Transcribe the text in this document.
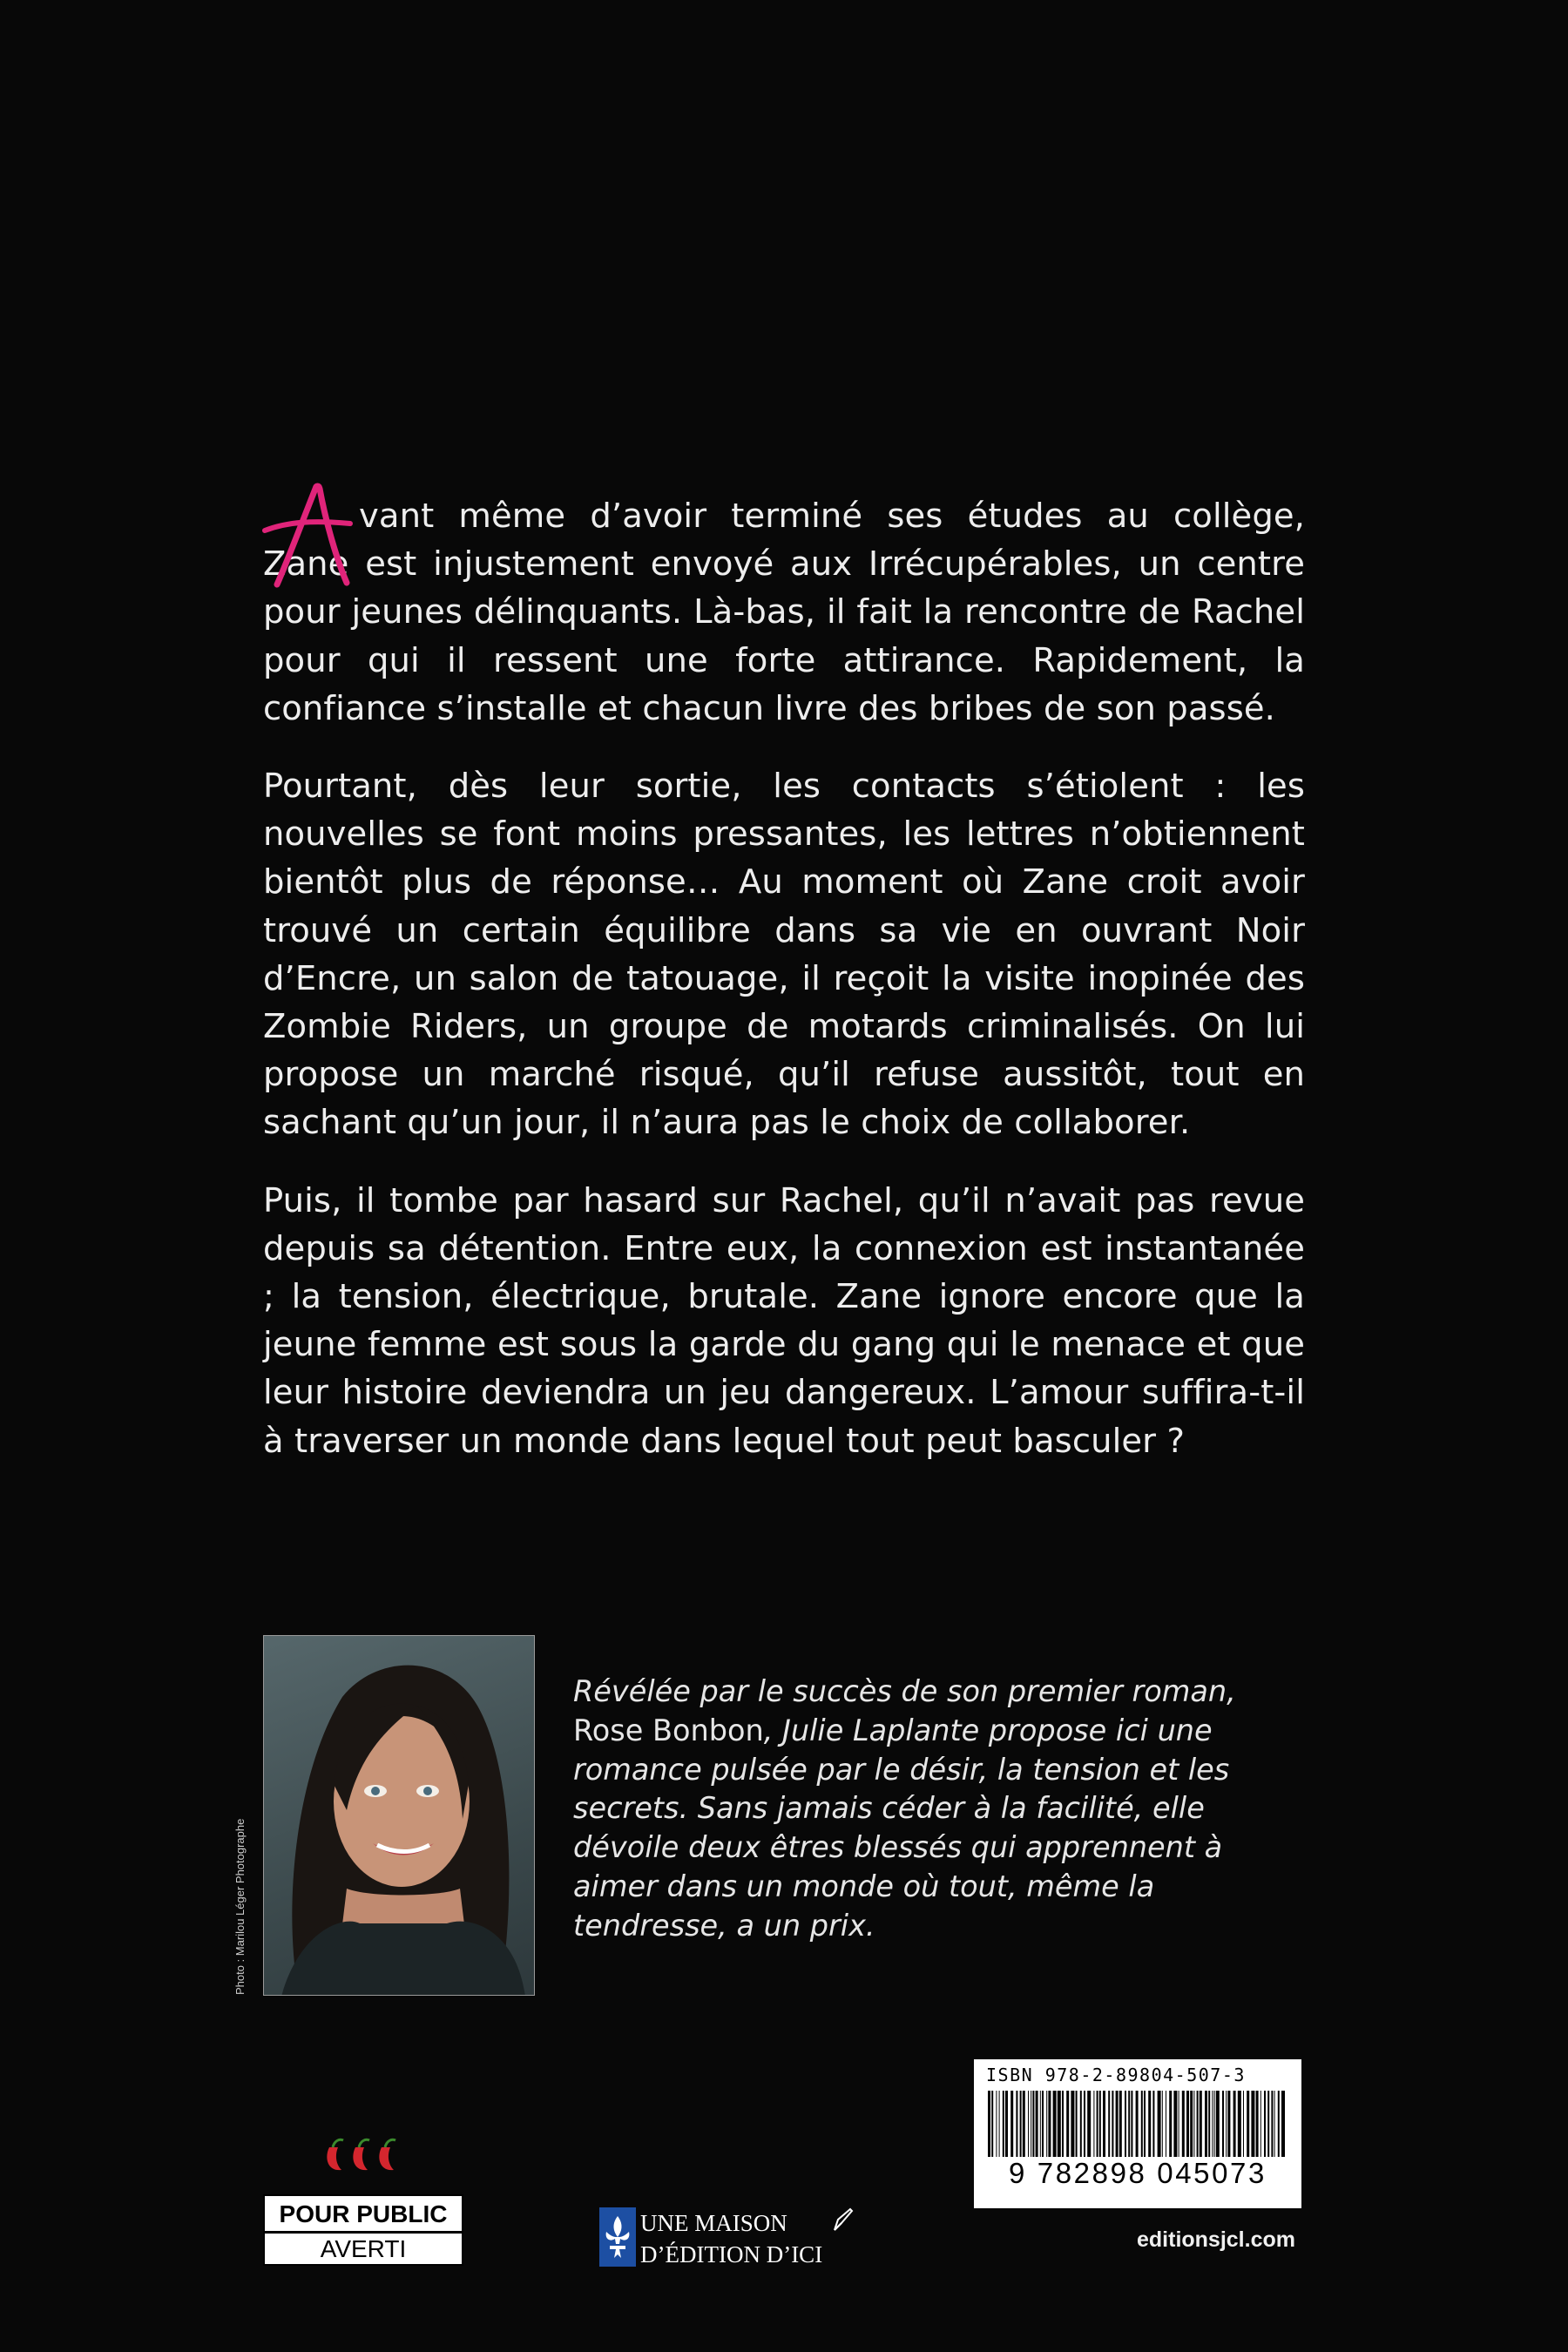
vant même d’avoir terminé ses études au collège, Zane est injustement envoyé aux Irrécupérables, un centre pour jeunes délinquants. Là-bas, il fait la rencontre de Rachel pour qui il ressent une forte attirance. Rapidement, la confiance s’installe et chacun livre des bribes de son passé.

Pourtant, dès leur sortie, les contacts s’étiolent : les nouvelles se font moins pressantes, les lettres n’obtiennent bientôt plus de réponse… Au moment où Zane croit avoir trouvé un certain équilibre dans sa vie en ouvrant Noir d’Encre, un salon de tatouage, il reçoit la visite inopinée des Zombie Riders, un groupe de motards criminalisés. On lui propose un marché risqué, qu’il refuse aussitôt, tout en sachant qu’un jour, il n’aura pas le choix de collaborer.

Puis, il tombe par hasard sur Rachel, qu’il n’avait pas revue depuis sa détention. Entre eux, la connexion est instantanée ; la tension, électrique, brutale. Zane ignore encore que la jeune femme est sous la garde du gang qui le menace et que leur histoire deviendra un jeu dangereux. L’amour suffira-t-il à traverser un monde dans lequel tout peut basculer ?

Photo : Marilou Léger Photographe
Révélée par le succès de son premier roman,
Rose Bonbon, Julie Laplante propose ici une romance pulsée par le désir, la tension et les secrets. Sans jamais céder à la facilité, elle dévoile deux êtres blessés qui apprennent à aimer dans un monde où tout, même la tendresse, a un prix.
ISBN 978-2-89804-507-3
9 782898 045073
editionsjcl.com
POUR PUBLIC
AVERTI
UNE MAISON
D’ÉDITION D’ICI
